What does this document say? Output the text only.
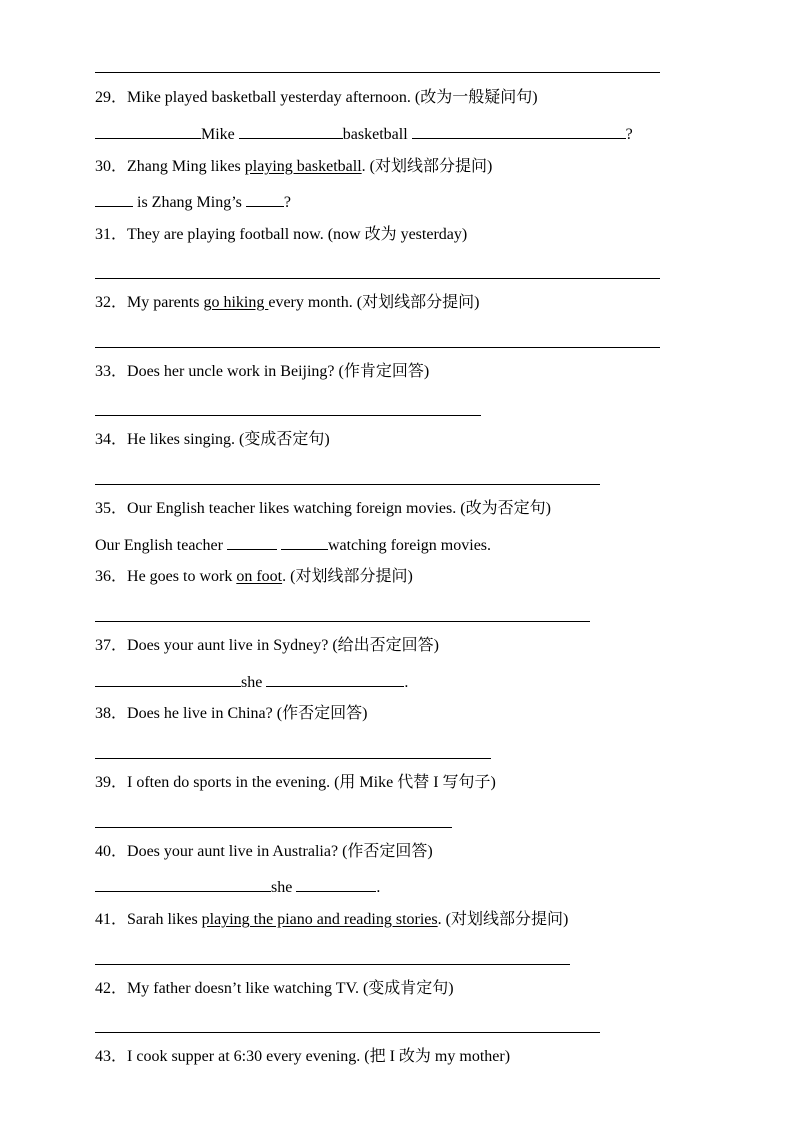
29．Mike played basketball yesterday afternoon. (改为一般疑问句)
Mike	basketball	?
30．Zhang Ming likes playing basketball. (对划线部分提问)
is Zhang Ming’s ?
31．They are playing football now. (now 改为 yesterday)
32．My parents go hiking every month. (对划线部分提问)
33．Does her uncle work in Beijing? (作肯定回答)
34．He likes singing. (变成否定句)
35．Our English teacher likes watching foreign movies. (改为否定句)
Our English teacher	watching foreign movies.
36．He goes to work on foot. (对划线部分提问)
37．Does your aunt live in Sydney? (给出否定回答)
she	.
38．Does he live in China? (作否定回答)
39．I often do sports in the evening. (用 Mike 代替 I 写句子)
40．Does your aunt live in Australia? (作否定回答)
she	.
41．Sarah likes playing the piano and reading stories. (对划线部分提问)
42．My father doesn’t like watching TV. (变成肯定句)
43．I cook supper at 6:30 every evening. (把 I 改为 my mother)
